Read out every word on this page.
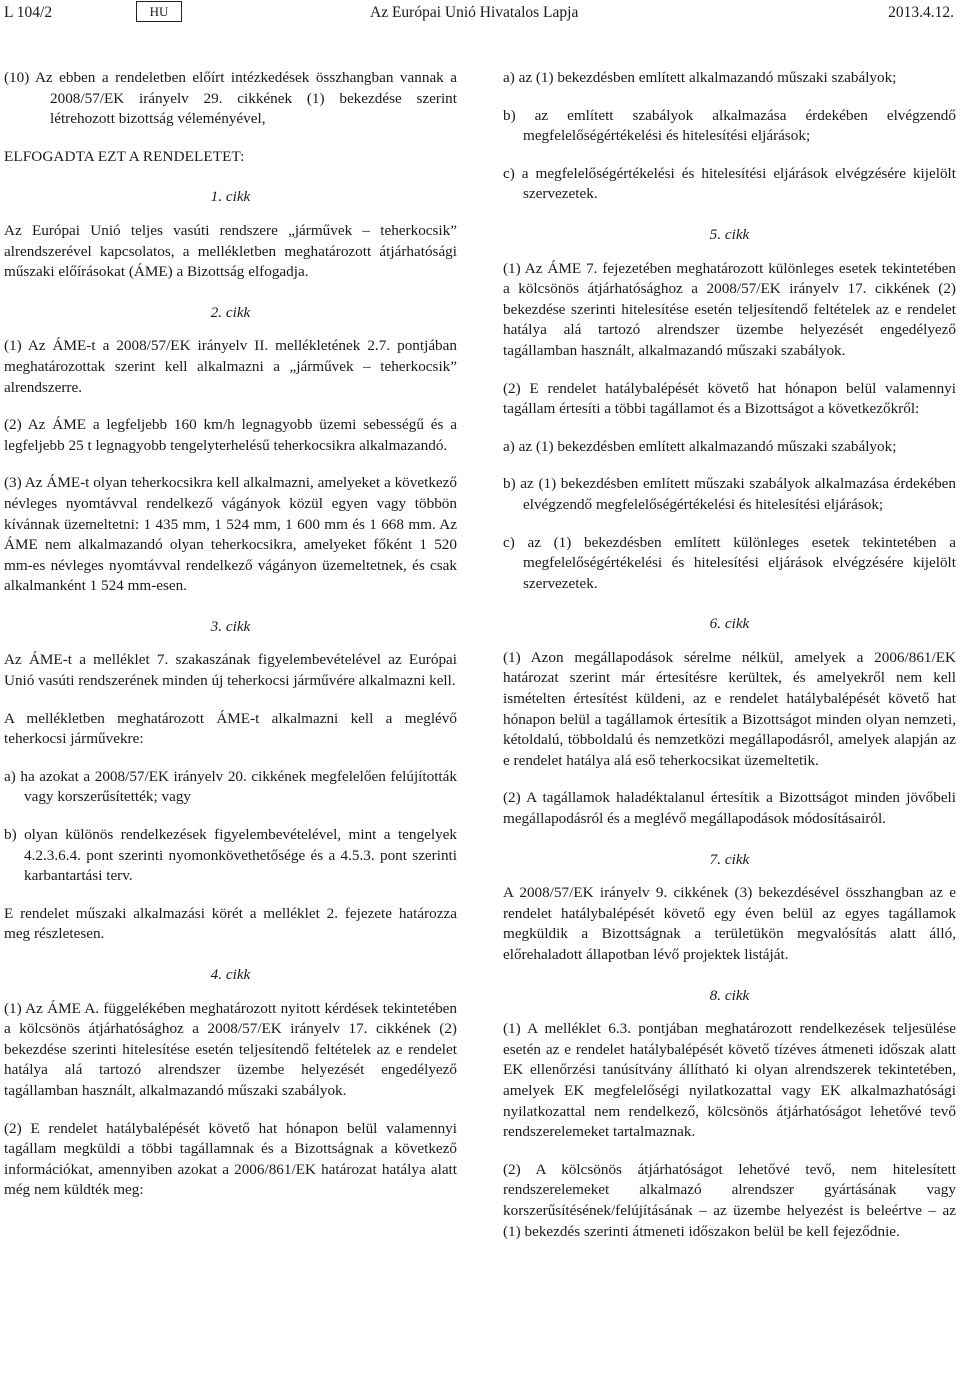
L 104/2	HU	Az Európai Unió Hivatalos Lapja	2013.4.12.

(10) Az ebben a rendeletben előírt intézkedések összhangban vannak a 2008/57/EK irányelv 29. cikkének (1) bekezdése szerint létrehozott bizottság véleményével,

ELFOGADTA EZT A RENDELETET:

1. cikk

Az Európai Unió teljes vasúti rendszere „járművek – teherkocsik” alrendszerével kapcsolatos, a mellékletben meghatározott átjárhatósági műszaki előírásokat (ÁME) a Bizottság elfogadja.

2. cikk

(1) Az ÁME-t a 2008/57/EK irányelv II. mellékletének 2.7. pontjában meghatározottak szerint kell alkalmazni a „járművek – teherkocsik” alrendszerre.

(2) Az ÁME a legfeljebb 160 km/h legnagyobb üzemi sebességű és a legfeljebb 25 t legnagyobb tengelyterhelésű teherkocsikra alkalmazandó.

(3) Az ÁME-t olyan teherkocsikra kell alkalmazni, amelyeket a következő névleges nyomtávval rendelkező vágányok közül egyen vagy többön kívánnak üzemeltetni: 1 435 mm, 1 524 mm, 1 600 mm és 1 668 mm. Az ÁME nem alkalmazandó olyan teherkocsikra, amelyeket főként 1 520 mm-es névleges nyomtávval rendelkező vágányon üzemeltetnek, és csak alkalmanként 1 524 mm-esen.

3. cikk

Az ÁME-t a melléklet 7. szakaszának figyelembevételével az Európai Unió vasúti rendszerének minden új teherkocsi járművére alkalmazni kell.

A mellékletben meghatározott ÁME-t alkalmazni kell a meglévő teherkocsi járművekre:

a) ha azokat a 2008/57/EK irányelv 20. cikkének megfelelően felújították vagy korszerűsítették; vagy

b) olyan különös rendelkezések figyelembevételével, mint a tengelyek 4.2.3.6.4. pont szerinti nyomonkövethetősége és a 4.5.3. pont szerinti karbantartási terv.

E rendelet műszaki alkalmazási körét a melléklet 2. fejezete határozza meg részletesen.

4. cikk

(1) Az ÁME A. függelékében meghatározott nyitott kérdések tekintetében a kölcsönös átjárhatósághoz a 2008/57/EK irányelv 17. cikkének (2) bekezdése szerinti hitelesítése esetén teljesítendő feltételek az e rendelet hatálya alá tartozó alrendszer üzembe helyezését engedélyező tagállamban használt, alkalmazandó műszaki szabályok.

(2) E rendelet hatálybalépését követő hat hónapon belül valamennyi tagállam megküldi a többi tagállamnak és a Bizottságnak a következő információkat, amennyiben azokat a 2006/861/EK határozat hatálya alatt még nem küldték meg:

a) az (1) bekezdésben említett alkalmazandó műszaki szabályok;

b) az említett szabályok alkalmazása érdekében elvégzendő megfelelőségértékelési és hitelesítési eljárások;

c) a megfelelőségértékelési és hitelesítési eljárások elvégzésére kijelölt szervezetek.

5. cikk

(1) Az ÁME 7. fejezetében meghatározott különleges esetek tekintetében a kölcsönös átjárhatósághoz a 2008/57/EK irányelv 17. cikkének (2) bekezdése szerinti hitelesítése esetén teljesítendő feltételek az e rendelet hatálya alá tartozó alrendszer üzembe helyezését engedélyező tagállamban használt, alkalmazandó műszaki szabályok.

(2) E rendelet hatálybalépését követő hat hónapon belül valamennyi tagállam értesíti a többi tagállamot és a Bizottságot a következőkről:

a) az (1) bekezdésben említett alkalmazandó műszaki szabályok;

b) az (1) bekezdésben említett műszaki szabályok alkalmazása érdekében elvégzendő megfelelőségértékelési és hitelesítési eljárások;

c) az (1) bekezdésben említett különleges esetek tekintetében a megfelelőségértékelési és hitelesítési eljárások elvégzésére kijelölt szervezetek.

6. cikk

(1) Azon megállapodások sérelme nélkül, amelyek a 2006/861/EK határozat szerint már értesítésre kerültek, és amelyekről nem kell ismételten értesítést küldeni, az e rendelet hatálybalépését követő hat hónapon belül a tagállamok értesítik a Bizottságot minden olyan nemzeti, kétoldalú, többoldalú és nemzetközi megállapodásról, amelyek alapján az e rendelet hatálya alá eső teherkocsikat üzemeltetik.

(2) A tagállamok haladéktalanul értesítik a Bizottságot minden jövőbeli megállapodásról és a meglévő megállapodások módosításairól.

7. cikk

A 2008/57/EK irányelv 9. cikkének (3) bekezdésével összhangban az e rendelet hatálybalépését követő egy éven belül az egyes tagállamok megküldik a Bizottságnak a területükön megvalósítás alatt álló, előrehaladott állapotban lévő projektek listáját.

8. cikk

(1) A melléklet 6.3. pontjában meghatározott rendelkezések teljesülése esetén az e rendelet hatálybalépését követő tízéves átmeneti időszak alatt EK ellenőrzési tanúsítvány állítható ki olyan alrendszerek tekintetében, amelyek EK megfelelőségi nyilatkozattal vagy EK alkalmazhatósági nyilatkozattal nem rendelkező, kölcsönös átjárhatóságot lehetővé tevő rendszerelemeket tartalmaznak.

(2) A kölcsönös átjárhatóságot lehetővé tevő, nem hitelesített rendszerelemeket alkalmazó alrendszer gyártásának vagy korszerűsítésének/felújításának – az üzembe helyezést is beleértve – az (1) bekezdés szerinti átmeneti időszakon belül be kell fejeződnie.
